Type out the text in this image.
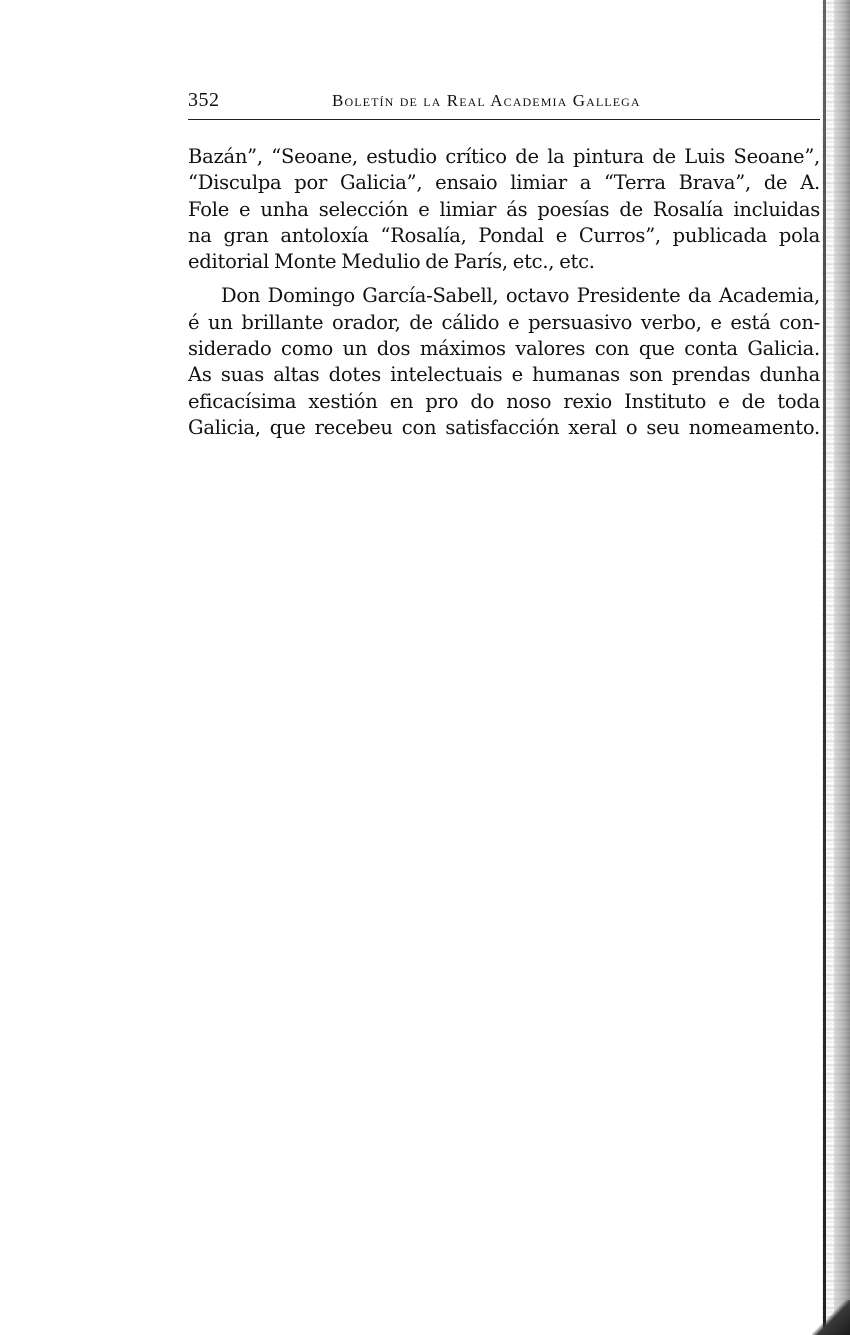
352	Boletín de la Real Academia Gallega
Bazán”, “Seoane, estudio crítico de la pintura de Luis Seoane”,
“Disculpa por Galicia”, ensaio limiar a “Terra Brava”, de A.
Fole e unha selección e limiar ás poesías de Rosalía incluidas
na gran antoloxía “Rosalía, Pondal e Curros”, publicada pola
editorial Monte Medulio de París, etc., etc.
Don Domingo García-Sabell, octavo Presidente da Academia,
é un brillante orador, de cálido e persuasivo verbo, e está con-
siderado como un dos máximos valores con que conta Galicia.
As suas altas dotes intelectuais e humanas son prendas dunha
eficacísima xestión en pro do noso rexio Instituto e de toda
Galicia, que recebeu con satisfacción xeral o seu nomeamento.
